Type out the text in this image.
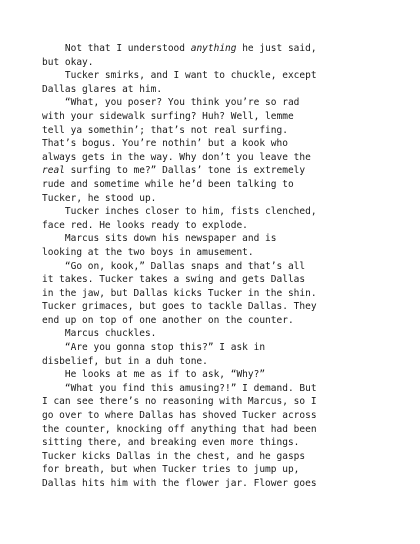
Not that I understood anything he just said,
but okay.
Tucker smirks, and I want to chuckle, except
Dallas glares at him.
“What, you poser? You think you’re so rad
with your sidewalk surfing? Huh? Well, lemme
tell ya somethin’; that’s not real surfing.
That’s bogus. You’re nothin’ but a kook who
always gets in the way. Why don’t you leave the
real surfing to me?” Dallas’ tone is extremely
rude and sometime while he’d been talking to
Tucker, he stood up.
Tucker inches closer to him, fists clenched,
face red. He looks ready to explode.
Marcus sits down his newspaper and is
looking at the two boys in amusement.
“Go on, kook,” Dallas snaps and that’s all
it takes. Tucker takes a swing and gets Dallas
in the jaw, but Dallas kicks Tucker in the shin.
Tucker grimaces, but goes to tackle Dallas. They
end up on top of one another on the counter.
Marcus chuckles.
“Are you gonna stop this?” I ask in
disbelief, but in a duh tone.
He looks at me as if to ask, “Why?”
“What you find this amusing?!” I demand. But
I can see there’s no reasoning with Marcus, so I
go over to where Dallas has shoved Tucker across
the counter, knocking off anything that had been
sitting there, and breaking even more things.
Tucker kicks Dallas in the chest, and he gasps
for breath, but when Tucker tries to jump up,
Dallas hits him with the flower jar. Flower goes
